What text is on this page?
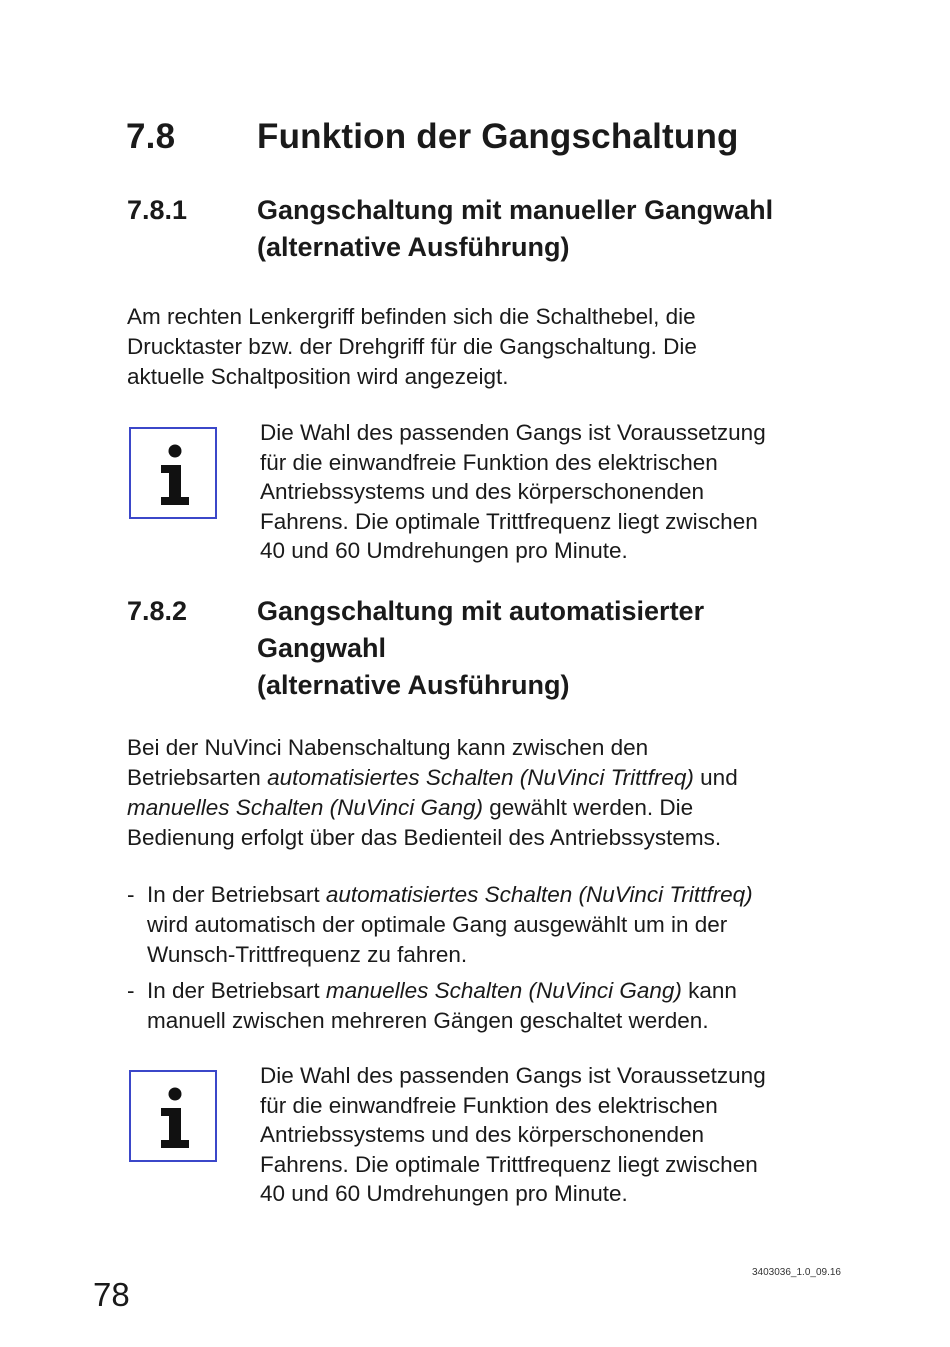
7.8 Funktion der Gangschaltung
7.8.1	Gangschaltung mit manueller Gangwahl
(alternative Ausführung)
Am rechten Lenkergriff befinden sich die Schalthebel, die
Drucktaster bzw. der Drehgriff für die Gangschaltung. Die
aktuelle Schaltposition wird angezeigt.
Die Wahl des passenden Gangs ist Voraussetzung
für die einwandfreie Funktion des elektrischen
Antriebssystems und des körperschonenden
Fahrens. Die optimale Trittfrequenz liegt zwischen
40 und 60 Umdrehungen pro Minute.
7.8.2	Gangschaltung mit automatisierter
Gangwahl
(alternative Ausführung)
Bei der NuVinci Nabenschaltung kann zwischen den
Betriebsarten automatisiertes Schalten (NuVinci Trittfreq) und
manuelles Schalten (NuVinci Gang) gewählt werden. Die
Bedienung erfolgt über das Bedienteil des Antriebssystems.
- In der Betriebsart automatisiertes Schalten (NuVinci Trittfreq)
wird automatisch der optimale Gang ausgewählt um in der
Wunsch-Trittfrequenz zu fahren.
- In der Betriebsart manuelles Schalten (NuVinci Gang) kann
manuell zwischen mehreren Gängen geschaltet werden.
Die Wahl des passenden Gangs ist Voraussetzung
für die einwandfreie Funktion des elektrischen
Antriebssystems und des körperschonenden
Fahrens. Die optimale Trittfrequenz liegt zwischen
40 und 60 Umdrehungen pro Minute.
78
3403036_1.0_09.16
